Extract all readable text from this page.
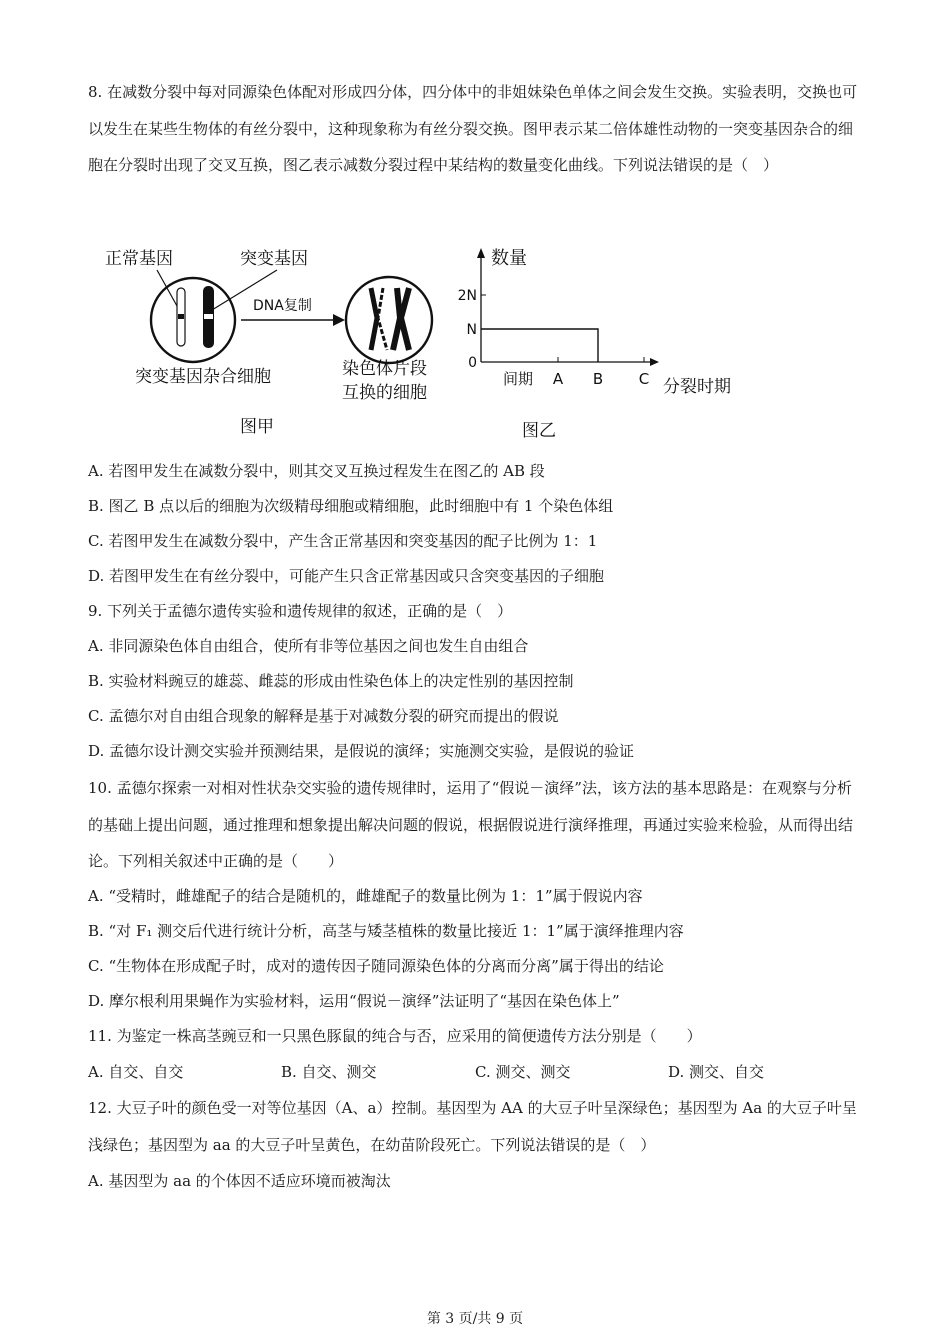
8. 在减数分裂中每对同源染色体配对形成四分体，四分体中的非姐妹染色单体之间会发生交换。实验表明，交换也可以发生在某些生物体的有丝分裂中，这种现象称为有丝分裂交换。图甲表示某二倍体雄性动物的一突变基因杂合的细胞在分裂时出现了交叉互换，图乙表示减数分裂过程中某结构的数量变化曲线。下列说法错误的是（　）
正常基因	突变基因
DNA复制
突变基因杂合细胞	染色体片段
互换的细胞
图甲
数量
分裂时期
0
N
2N
间期 A B C
图乙
A. 若图甲发生在减数分裂中，则其交叉互换过程发生在图乙的 AB 段
B. 图乙 B 点以后的细胞为次级精母细胞或精细胞，此时细胞中有 1 个染色体组
C. 若图甲发生在减数分裂中，产生含正常基因和突变基因的配子比例为 1：1
D. 若图甲发生在有丝分裂中，可能产生只含正常基因或只含突变基因的子细胞
9. 下列关于孟德尔遗传实验和遗传规律的叙述，正确的是（　）
A. 非同源染色体自由组合，使所有非等位基因之间也发生自由组合
B. 实验材料豌豆的雄蕊、雌蕊的形成由性染色体上的决定性别的基因控制
C. 孟德尔对自由组合现象的解释是基于对减数分裂的研究而提出的假说
D. 孟德尔设计测交实验并预测结果，是假说的演绎；实施测交实验，是假说的验证
10. 孟德尔探索一对相对性状杂交实验的遗传规律时，运用了“假说－演绎”法，该方法的基本思路是：在观察与分析的基础上提出问题，通过推理和想象提出解决问题的假说，根据假说进行演绎推理，再通过实验来检验，从而得出结论。下列相关叙述中正确的是（　　）
A. “受精时，雌雄配子的结合是随机的，雌雄配子的数量比例为 1：1”属于假说内容
B. “对 F₁ 测交后代进行统计分析，高茎与矮茎植株的数量比接近 1：1”属于演绎推理内容
C. “生物体在形成配子时，成对的遗传因子随同源染色体的分离而分离”属于得出的结论
D. 摩尔根利用果蝇作为实验材料，运用“假说－演绎”法证明了“基因在染色体上”
11. 为鉴定一株高茎豌豆和一只黑色豚鼠的纯合与否，应采用的简便遗传方法分别是（　　）
A. 自交、自交	B. 自交、测交	C. 测交、测交	D. 测交、自交
12. 大豆子叶的颜色受一对等位基因（A、a）控制。基因型为 AA 的大豆子叶呈深绿色；基因型为 Aa 的大豆子叶呈浅绿色；基因型为 aa 的大豆子叶呈黄色，在幼苗阶段死亡。下列说法错误的是（　）
A. 基因型为 aa 的个体因不适应环境而被淘汰
第 3 页/共 9 页
